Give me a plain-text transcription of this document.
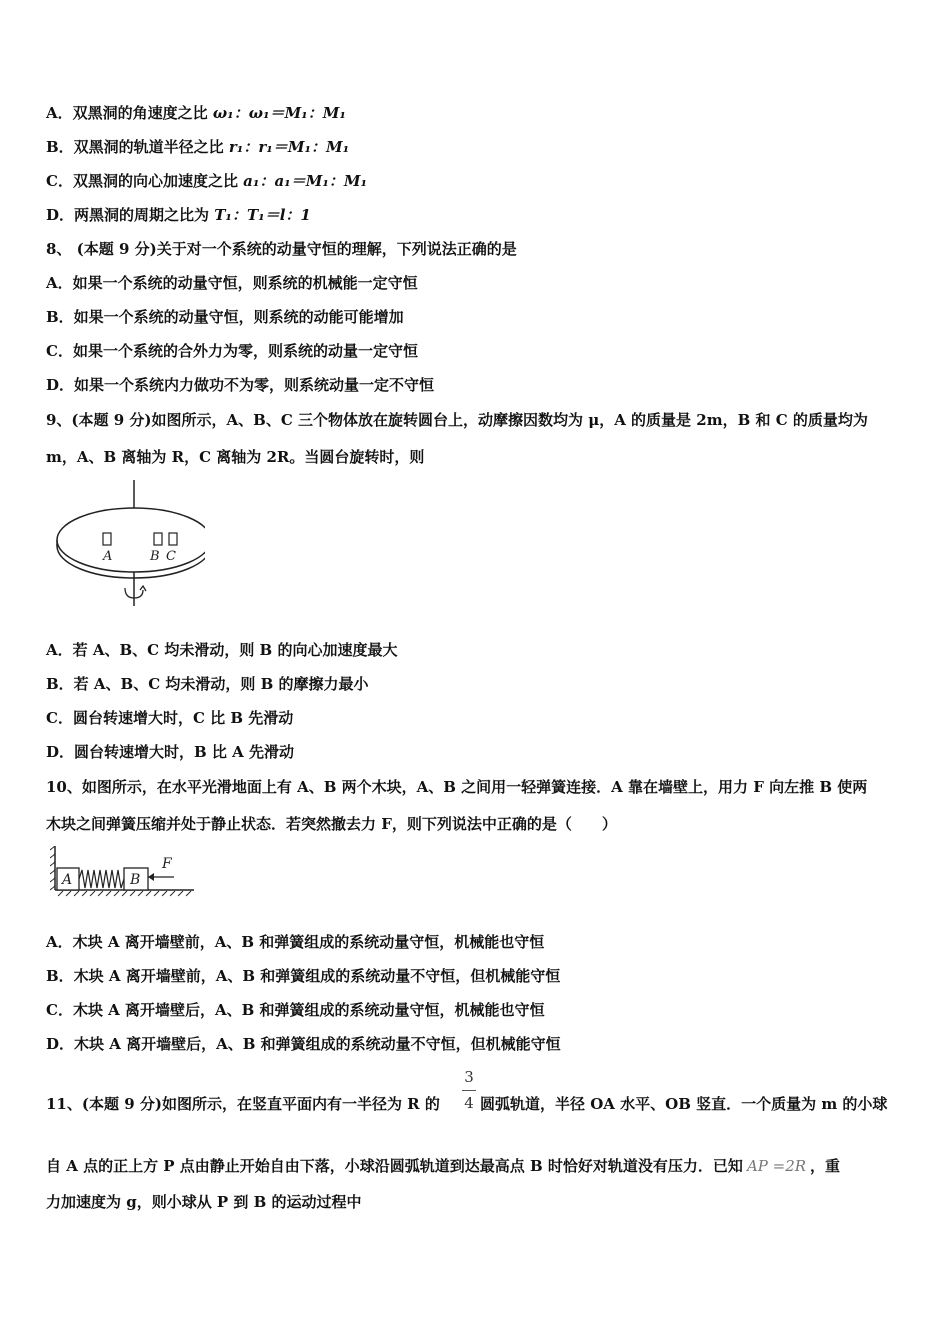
A．双黑洞的角速度之比 ω₁：ω₁＝M₁：M₁
B．双黑洞的轨道半径之比 r₁：r₁＝M₁：M₁
C．双黑洞的向心加速度之比 a₁：a₁＝M₁：M₁
D．两黑洞的周期之比为 T₁：T₁＝l：1
8、 (本题 9 分)关于对一个系统的动量守恒的理解，下列说法正确的是
A．如果一个系统的动量守恒，则系统的机械能一定守恒
B．如果一个系统的动量守恒，则系统的动能可能增加
C．如果一个系统的合外力为零，则系统的动量一定守恒
D．如果一个系统内力做功不为零，则系统动量一定不守恒
9、(本题 9 分)如图所示，A、B、C 三个物体放在旋转圆台上，动摩擦因数均为 μ，A 的质量是 2m，B 和 C 的质量均为
m，A、B 离轴为 R，C 离轴为 2R。当圆台旋转时，则
A	B C
A．若 A、B、C 均未滑动，则 B 的向心加速度最大
B．若 A、B、C 均未滑动，则 B 的摩擦力最小
C．圆台转速增大时，C 比 B 先滑动
D．圆台转速增大时，B 比 A 先滑动
10、如图所示，在水平光滑地面上有 A、B 两个木块，A、B 之间用一轻弹簧连接．A 靠在墙壁上，用力 F 向左推 B 使两
木块之间弹簧压缩并处于静止状态．若突然撤去力 F，则下列说法中正确的是（　　）
A	B
F
A．木块 A 离开墙壁前，A、B 和弹簧组成的系统动量守恒，机械能也守恒
B．木块 A 离开墙壁前，A、B 和弹簧组成的系统动量不守恒，但机械能守恒
C．木块 A 离开墙壁后，A、B 和弹簧组成的系统动量守恒，机械能也守恒
D．木块 A 离开墙壁后，A、B 和弹簧组成的系统动量不守恒，但机械能守恒
3
4
11、(本题 9 分)如图所示，在竖直平面内有一半径为 R 的	圆弧轨道，半径 OA 水平、OB 竖直．一个质量为 m 的小球
自 A 点的正上方 P 点由静止开始自由下落，小球沿圆弧轨道到达最高点 B 时恰好对轨道没有压力．已知 AP =2R ，重
力加速度为 g，则小球从 P 到 B 的运动过程中
